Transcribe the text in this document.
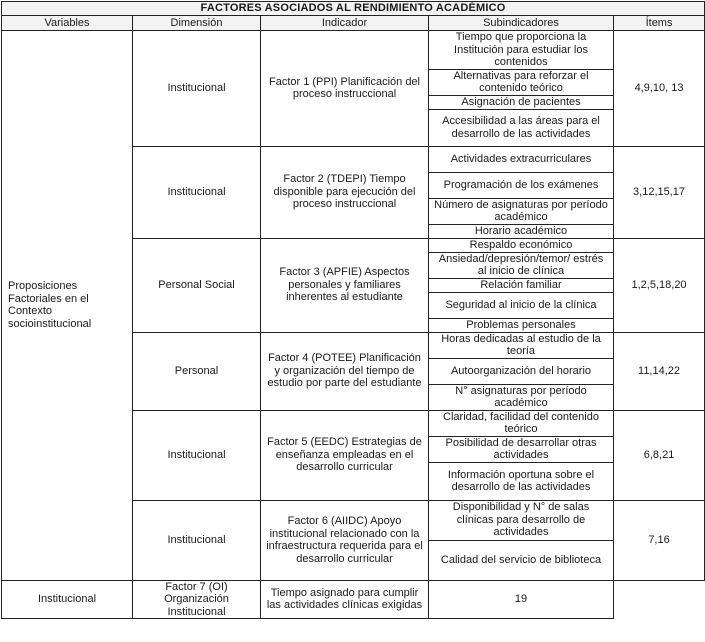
FACTORES ASOCIADOS AL RENDIMIENTO ACADÉMICO				
Variables	Dimensión	Indicador	Subindicadores	Ítems
Proposiciones Factoriales en el Contexto socioinstitucional	Institucional	Factor 1 (PPI) Planificación del proceso instruccional	Tiempo que proporciona la Institución para estudiar los contenidos	4,9,10, 13
			Alternativas para reforzar el contenido teórico	
			Asignación de pacientes	
			Accesibilidad a las áreas para el desarrollo de las actividades	
	Institucional	Factor 2 (TDEPI) Tiempo disponible para ejecución del proceso instruccional	Actividades extracurriculares	3,12,15,17
			Programación de los exámenes	
			Número de asignaturas por período académico	
			Horario académico	
	Personal Social	Factor 3 (APFIE) Aspectos personales y familiares inherentes al estudiante	Respaldo económico	1,2,5,18,20
			Ansiedad/depresión/temor/ estrés al inicio de clínica	
			Relación familiar	
			Seguridad al inicio de la clínica	
			Problemas personales	
	Personal	Factor 4 (POTEE) Planificación y organización del tiempo de estudio por parte del estudiante	Horas dedicadas al estudio de la teoría	11,14,22
			Autoorganización del horario	
			N° asignaturas por período académico	
	Institucional	Factor 5 (EEDC) Estrategias de enseñanza empleadas en el desarrollo curricular	Claridad, facilidad del contenido teórico	6,8,21
			Posibilidad de desarrollar otras actividades	
			Información oportuna sobre el desarrollo de las actividades	
	Institucional	Factor 6 (AIIDC) Apoyo institucional relacionado con la infraestructura requerida para el desarrollo curricular	Disponibilidad y N° de salas clínicas para desarrollo de actividades	7,16
			Calidad del servicio de biblioteca	
Institucional	Factor 7 (OI) Organización Institucional	Tiempo asignado para cumplir las actividades clínicas exigidas	19	
